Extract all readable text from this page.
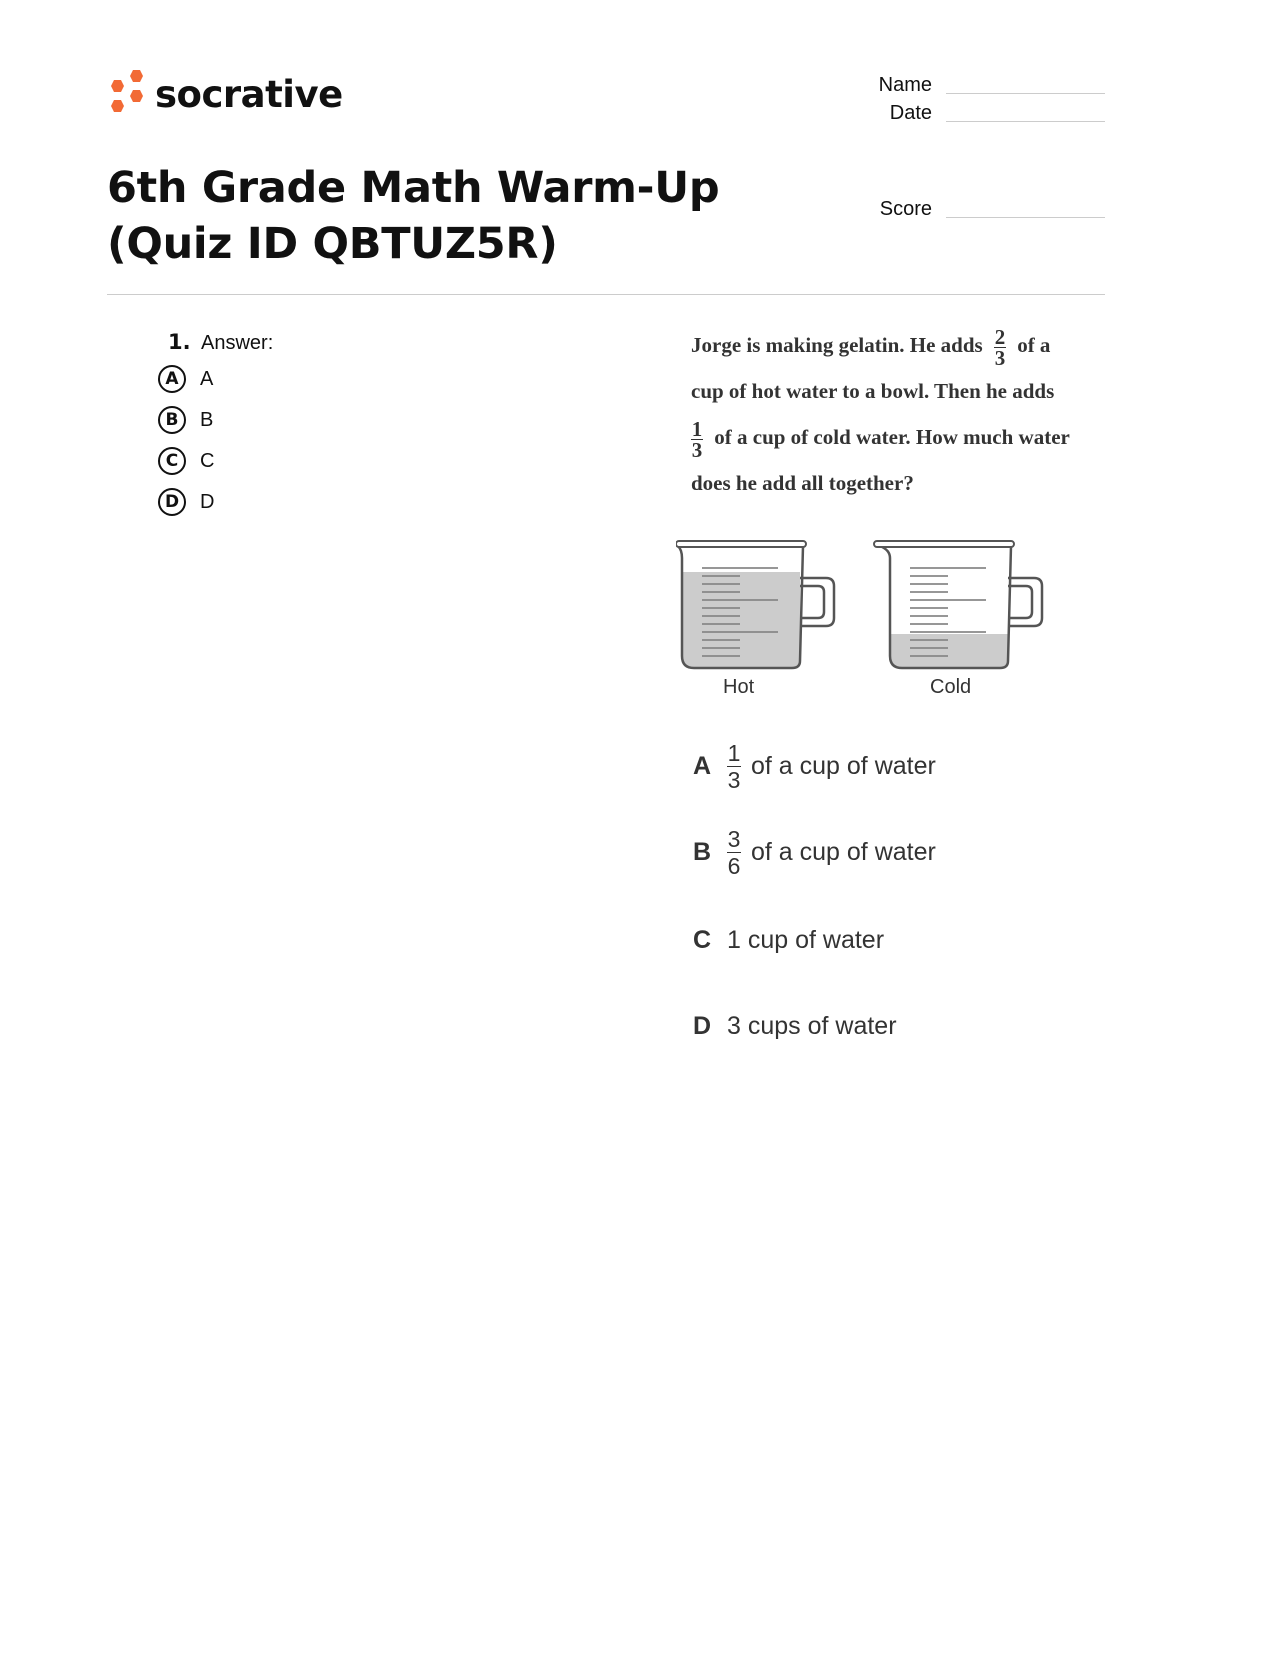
socrative	Name
Date
Score
6th Grade Math Warm-Up (Quiz ID QBTUZ5R)
1. Answer:
A	A
B	B
C	C
D	D
Jorge is making gelatin. He adds $\frac{2}{3}$ of a
cup of hot water to a bowl. Then he adds
$\frac{1}{3}$ of a cup of cold water. How much water
does he add all together?
Hot	Cold
A $\frac{1}{3}$ of a cup of water
B $\frac{3}{6}$ of a cup of water
C 1 cup of water
D 3 cups of water
